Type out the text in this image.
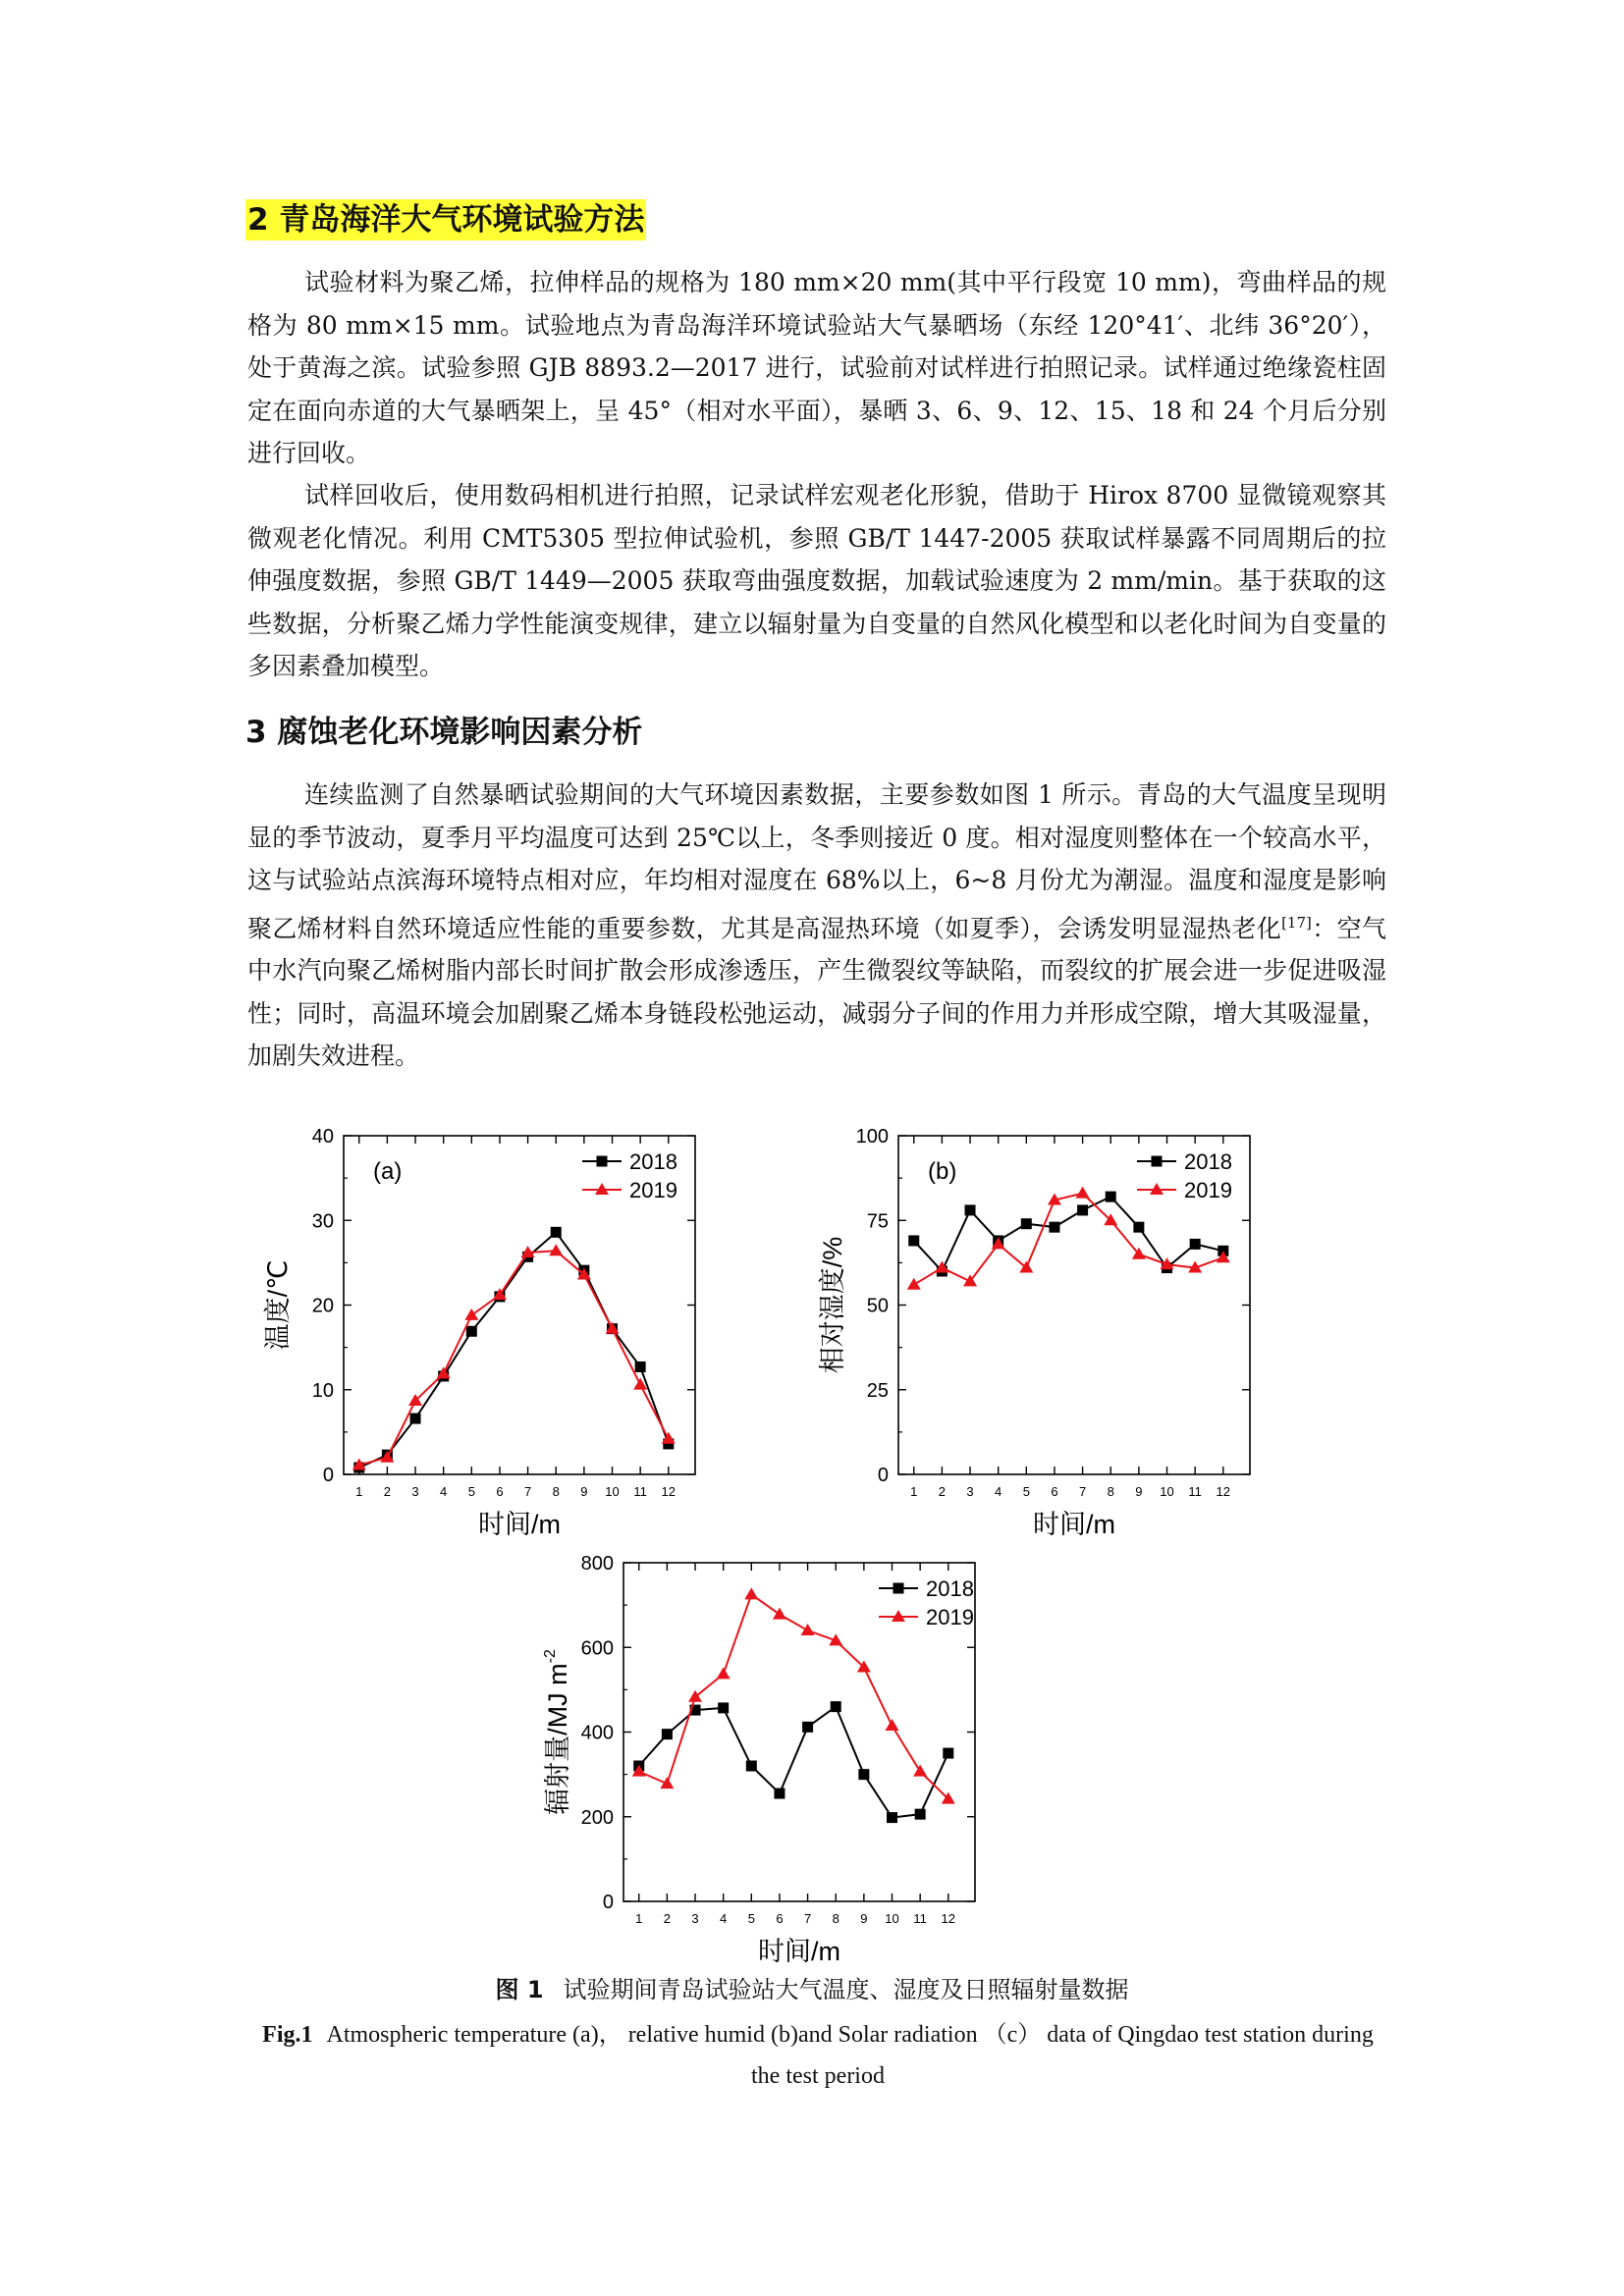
2 青岛海洋大气环境试验方法

试验材料为聚乙烯，拉伸样品的规格为 180 mm×20 mm(其中平行段宽 10 mm)，弯曲样品的规格为 80 mm×15 mm。试验地点为青岛海洋环境试验站大气暴晒场（东经 120°41′、北纬 36°20′），处于黄海之滨。试验参照 GJB 8893.2—2017 进行，试验前对试样进行拍照记录。试样通过绝缘瓷柱固定在面向赤道的大气暴晒架上，呈 45°（相对水平面），暴晒 3、6、9、12、15、18 和 24 个月后分别进行回收。

试样回收后，使用数码相机进行拍照，记录试样宏观老化形貌，借助于 Hirox 8700 显微镜观察其微观老化情况。利用 CMT5305 型拉伸试验机，参照 GB/T 1447-2005 获取试样暴露不同周期后的拉伸强度数据，参照 GB/T 1449—2005 获取弯曲强度数据，加载试验速度为 2 mm/min。基于获取的这些数据，分析聚乙烯力学性能演变规律，建立以辐射量为自变量的自然风化模型和以老化时间为自变量的多因素叠加模型。

3 腐蚀老化环境影响因素分析

连续监测了自然暴晒试验期间的大气环境因素数据，主要参数如图 1 所示。青岛的大气温度呈现明显的季节波动，夏季月平均温度可达到 25℃以上，冬季则接近 0 度。相对湿度则整体在一个较高水平，这与试验站点滨海环境特点相对应，年均相对湿度在 68%以上，6~8 月份尤为潮湿。温度和湿度是影响聚乙烯材料自然环境适应性能的重要参数，尤其是高湿热环境（如夏季），会诱发明显湿热老化[17]：空气中水汽向聚乙烯树脂内部长时间扩散会形成渗透压，产生微裂纹等缺陷，而裂纹的扩展会进一步促进吸湿性；同时，高温环境会加剧聚乙烯本身链段松弛运动，减弱分子间的作用力并形成空隙，增大其吸湿量，加剧失效进程。

0
10
20
30
40
1 2 3 4 5 6 7 8 9 10 11 12
时间/m
温度/℃
(a)	2018
2019
0
25
50
75
100
1 2 3 4 5 6 7 8 9 10 11 12
时间/m
相对湿度/%
(b)	2018
2019
0
200
400
600
800
1 2 3 4 5 6 7 8 9 10 11 12
时间/m
辐射量/MJ $m^{-2}$
2018
2019
图 1 试验期间青岛试验站大气温度、湿度及日照辐射量数据
Fig.1 Atmospheric temperature (a)， relative humid (b)and Solar radiation （c） data of Qingdao test station during the test period
